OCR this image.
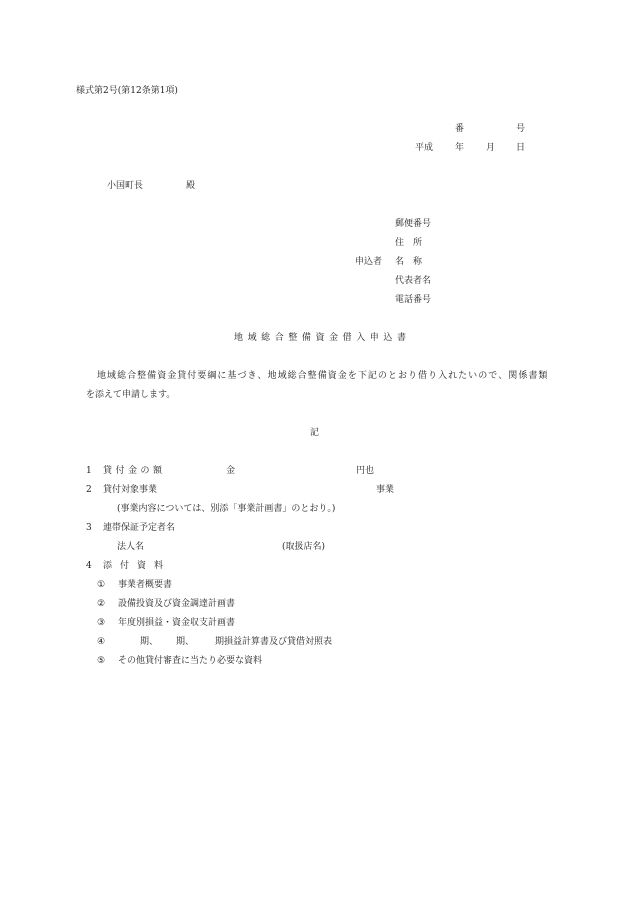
様式第2号(第12条第1項)
番	号
平成 年 月 日
小国町長	殿
郵便番号
住　所
申込者 名　称
代表者名
電話番号
地 域 総 合 整 備 資 金 借 入 申 込 書
地域総合整備資金貸付要綱に基づき、地域総合整備資金を下記のとおり借り入れたいので、関係書類
を添えて申請します。
記
1 貸 付 金 の 額	金	円也
2 貸付対象事業	事業
(事業内容については、別添「事業計画書」のとおり。)
3 連帯保証予定者名
法人名	(取扱店名)
4 添 付 資 料
① 事業者概要書
② 設備投資及び資金調達計画書
③ 年度別損益・資金収支計画書
④	期、 期、 期損益計算書及び貸借対照表
⑤ その他貸付審査に当たり必要な資料
